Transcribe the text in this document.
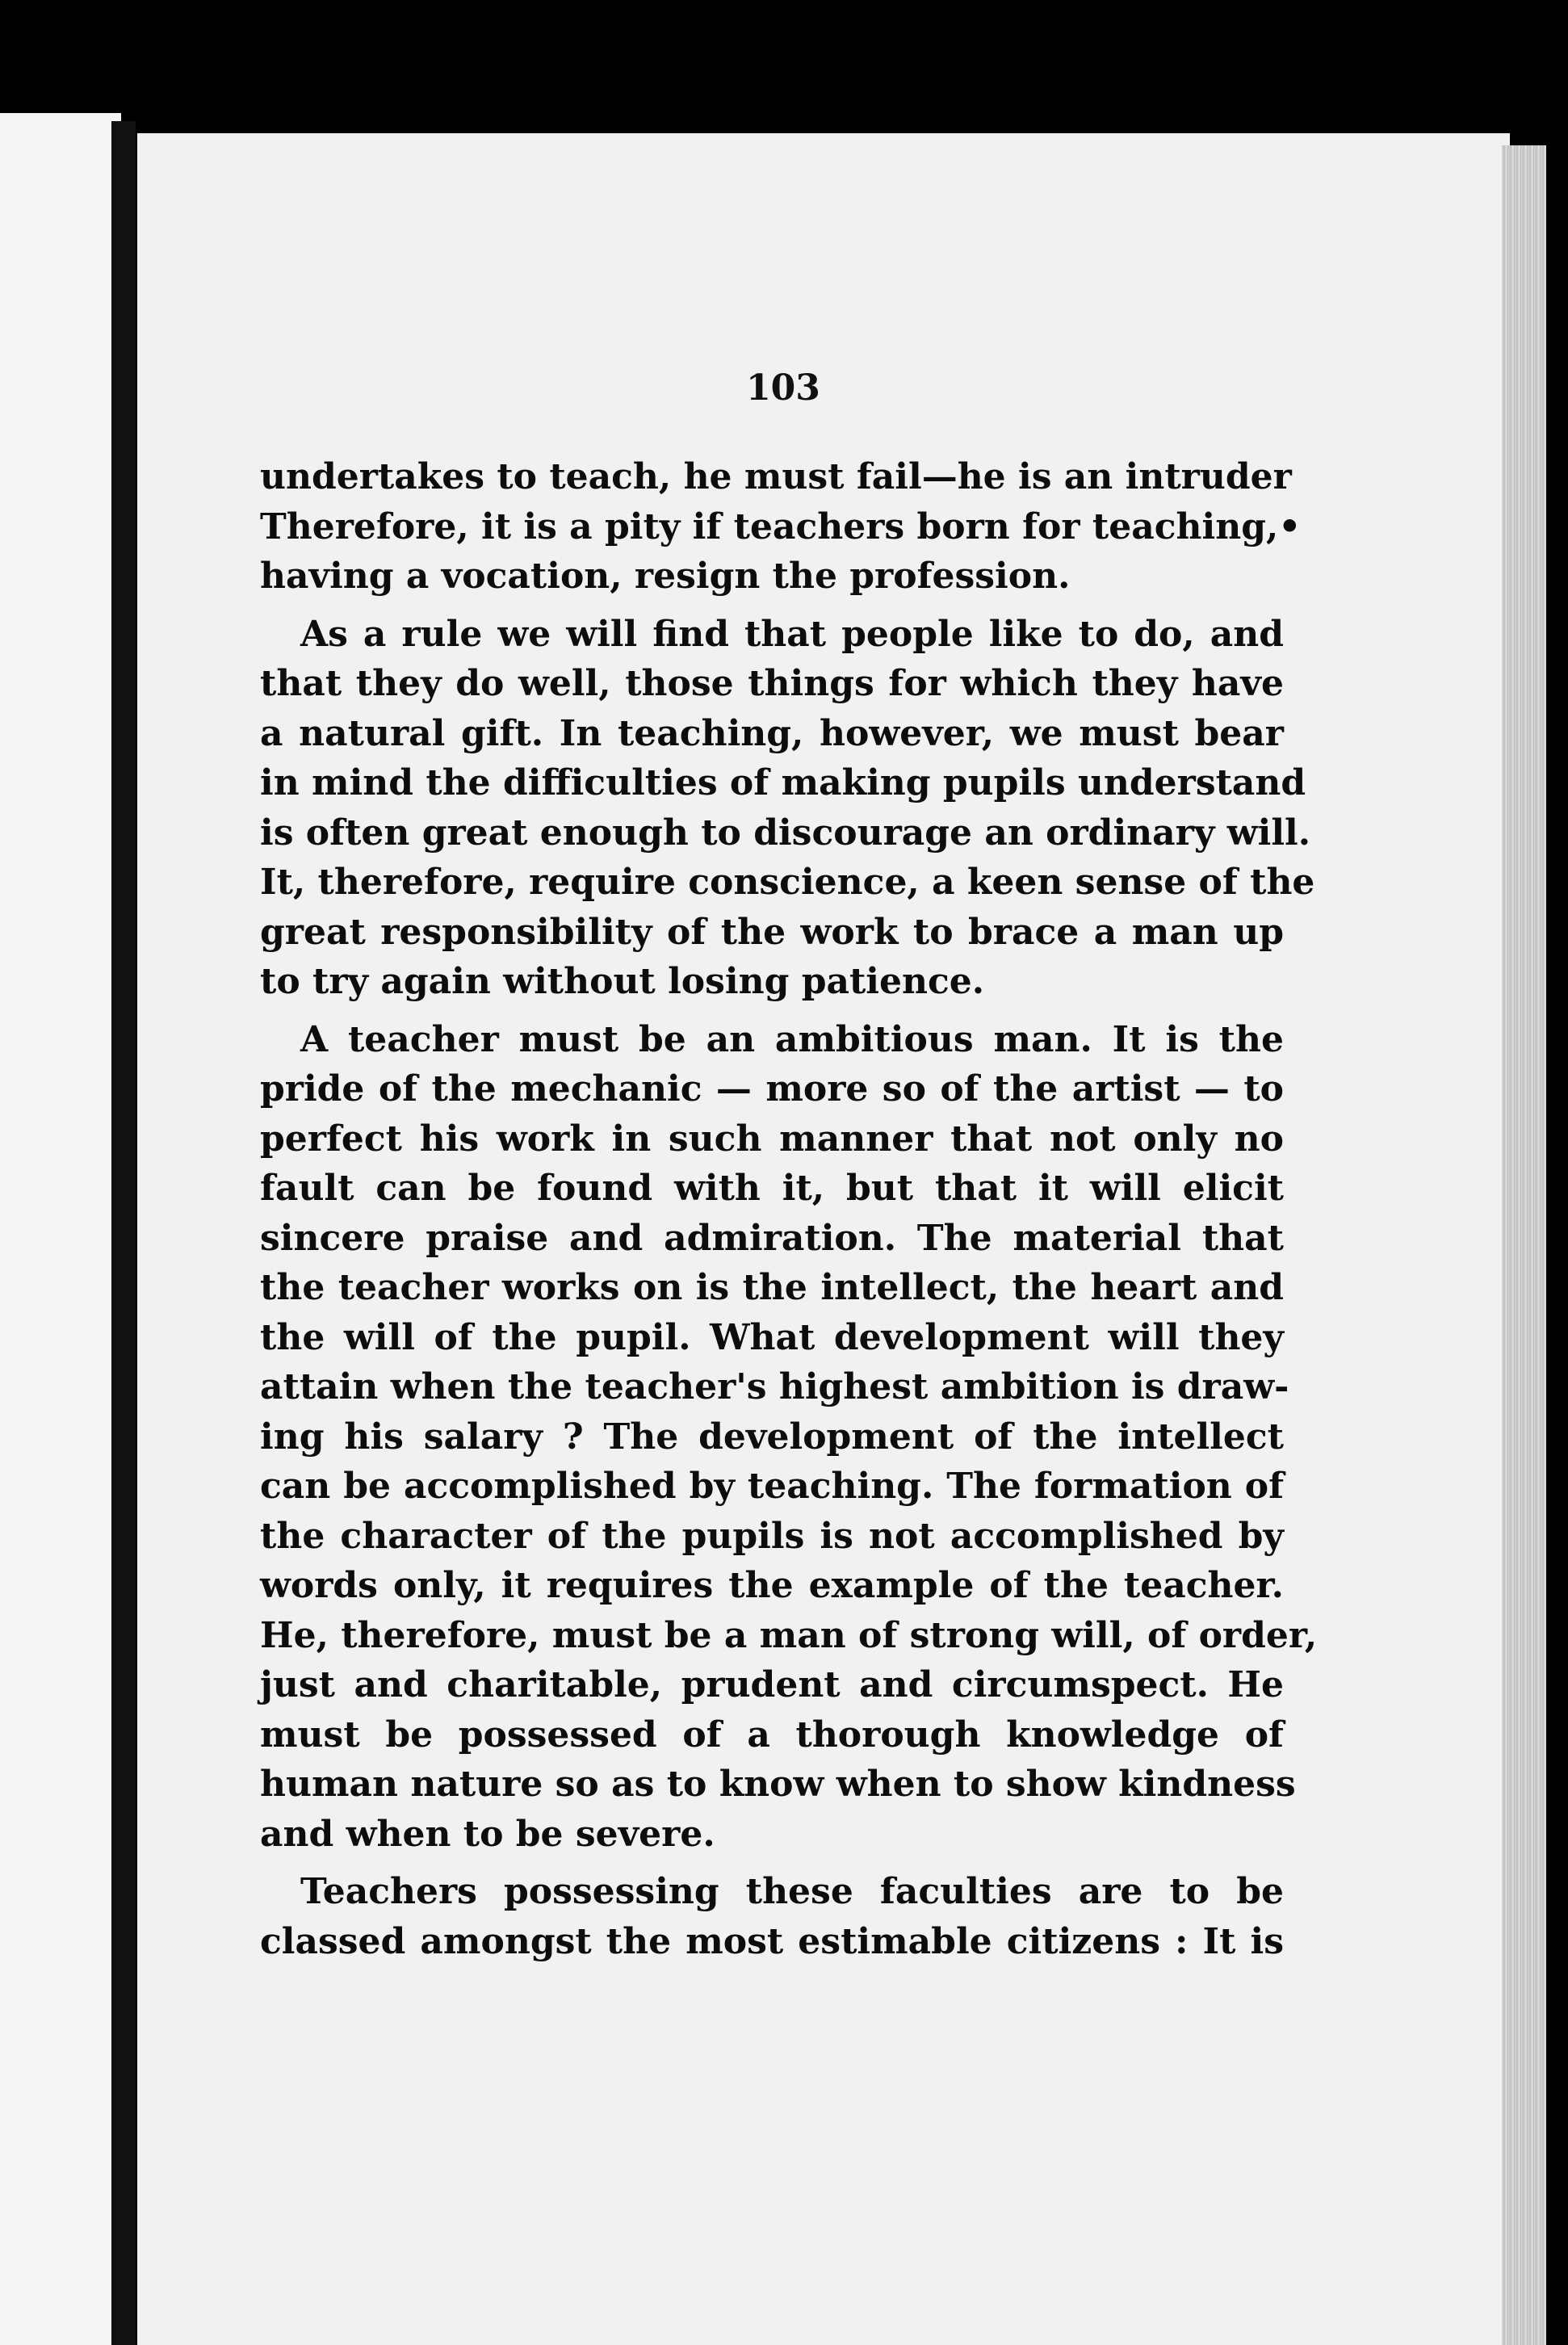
103

undertakes to teach, he must fail—he is an intruder
Therefore, it is a pity if teachers born for teaching,•
having a vocation, resign the profession.

As a rule we will find that people like to do, and
that they do well, those things for which they have
a natural gift. In teaching, however, we must bear
in mind the difficulties of making pupils understand
is often great enough to discourage an ordinary will.
It, therefore, require conscience, a keen sense of the
great responsibility of the work to brace a man up
to try again without losing patience.

A teacher must be an ambitious man. It is the
pride of the mechanic — more so of the artist — to
perfect his work in such manner that not only no
fault can be found with it, but that it will elicit
sincere praise and admiration. The material that
the teacher works on is the intellect, the heart and
the will of the pupil. What development will they
attain when the teacher's highest ambition is draw-
ing his salary ? The development of the intellect
can be accomplished by teaching. The formation of
the character of the pupils is not accomplished by
words only, it requires the example of the teacher.
He, therefore, must be a man of strong will, of order,
just and charitable, prudent and circumspect. He
must be possessed of a thorough knowledge of
human nature so as to know when to show kindness
and when to be severe.

Teachers possessing these faculties are to be
classed amongst the most estimable citizens : It is
